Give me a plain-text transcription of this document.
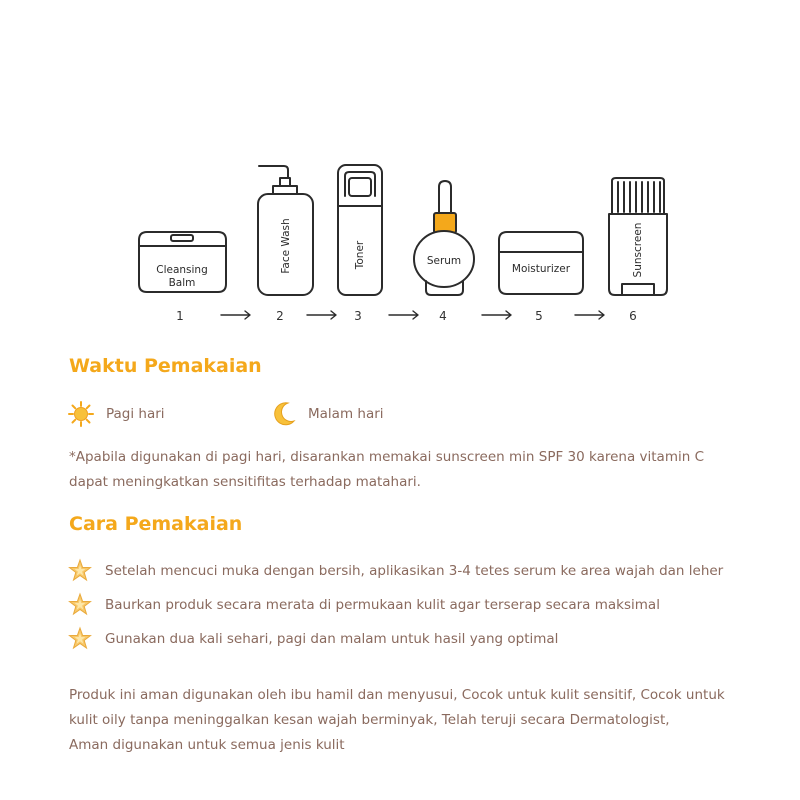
Cleansing
Balm
Face Wash	Toner	Serum
Moisturizer	Sunscreen
1	2	3	4	5	6
Waktu Pemakaian
Pagi hari	Malam hari
*Apabila digunakan di pagi hari, disarankan memakai sunscreen min SPF 30 karena vitamin C
dapat meningkatkan sensitifitas terhadap matahari.
Cara Pemakaian
Setelah mencuci muka dengan bersih, aplikasikan 3-4 tetes serum ke area wajah dan leher
Baurkan produk secara merata di permukaan kulit agar terserap secara maksimal
Gunakan dua kali sehari, pagi dan malam untuk hasil yang optimal
Produk ini aman digunakan oleh ibu hamil dan menyusui, Cocok untuk kulit sensitif, Cocok untuk
kulit oily tanpa meninggalkan kesan wajah berminyak, Telah teruji secara Dermatologist,
Aman digunakan untuk semua jenis kulit
